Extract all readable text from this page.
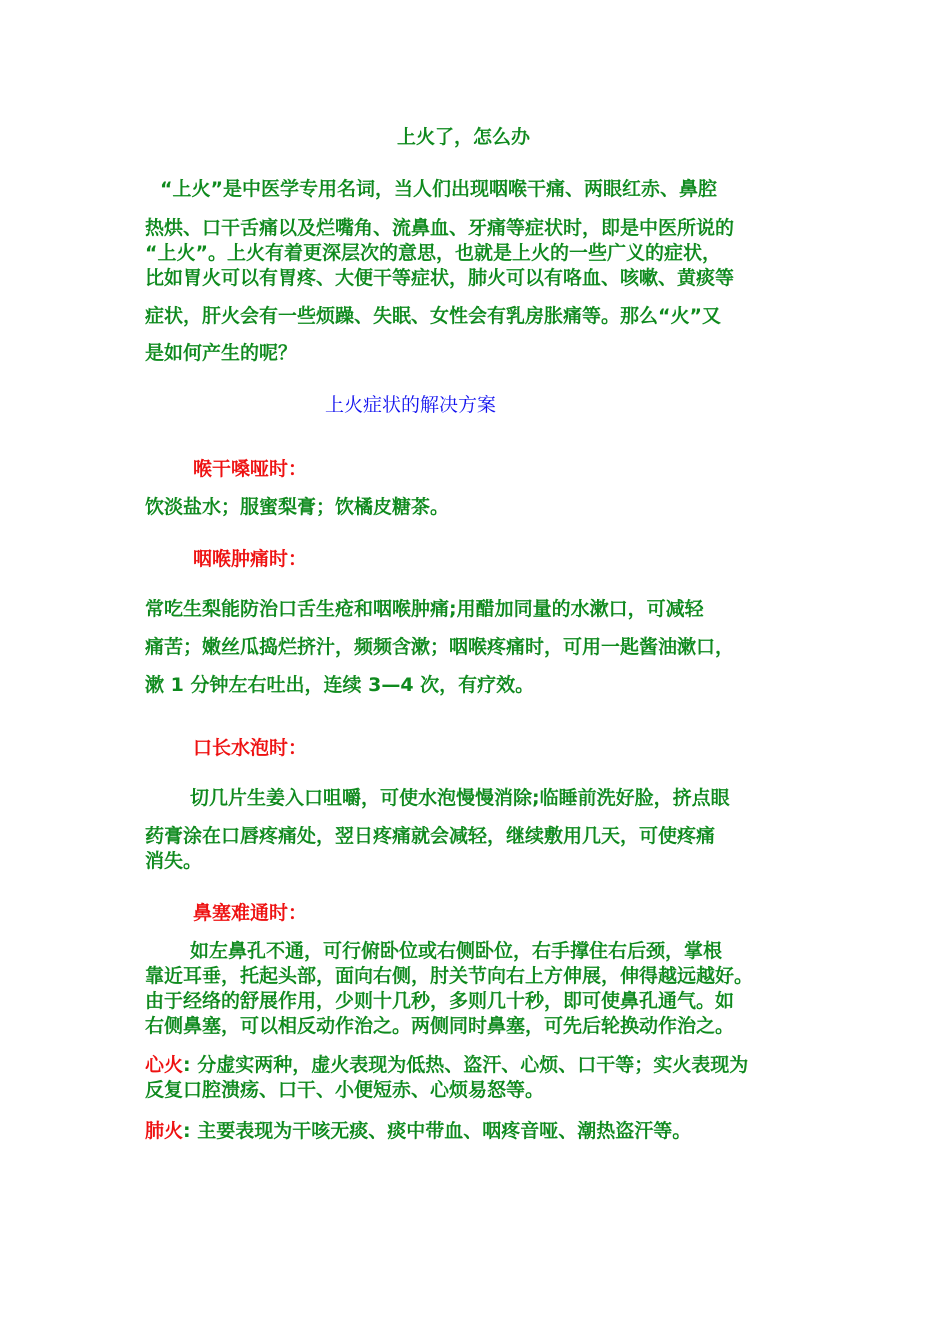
上火了，怎么办

“上火”是中医学专用名词，当人们出现咽喉干痛、两眼红赤、鼻腔

热烘、口干舌痛以及烂嘴角、流鼻血、牙痛等症状时，即是中医所说的

“上火”。上火有着更深层次的意思，也就是上火的一些广义的症状，

比如胃火可以有胃疼、大便干等症状，肺火可以有咯血、咳嗽、黄痰等

症状，肝火会有一些烦躁、失眠、女性会有乳房胀痛等。那么“火”又

是如何产生的呢？

上火症状的解决方案

喉干嗓哑时：

饮淡盐水；服蜜梨膏；饮橘皮糖茶。

咽喉肿痛时：

常吃生梨能防治口舌生疮和咽喉肿痛;用醋加同量的水漱口，可减轻

痛苦；嫩丝瓜捣烂挤汁，频频含漱；咽喉疼痛时，可用一匙酱油漱口，

漱 1 分钟左右吐出，连续 3—4 次，有疗效。

口长水泡时：

切几片生姜入口咀嚼，可使水泡慢慢消除;临睡前洗好脸，挤点眼

药膏涂在口唇疼痛处，翌日疼痛就会减轻，继续敷用几天，可使疼痛

消失。

鼻塞难通时：

如左鼻孔不通，可行俯卧位或右侧卧位，右手撑住右后颈，掌根

靠近耳垂，托起头部，面向右侧，肘关节向右上方伸展，伸得越远越好。

由于经络的舒展作用，少则十几秒，多则几十秒，即可使鼻孔通气。如

右侧鼻塞，可以相反动作治之。两侧同时鼻塞，可先后轮换动作治之。

心火: 分虚实两种，虚火表现为低热、盗汗、心烦、口干等；实火表现为

反复口腔溃疡、口干、小便短赤、心烦易怒等。

肺火: 主要表现为干咳无痰、痰中带血、咽疼音哑、潮热盗汗等。
